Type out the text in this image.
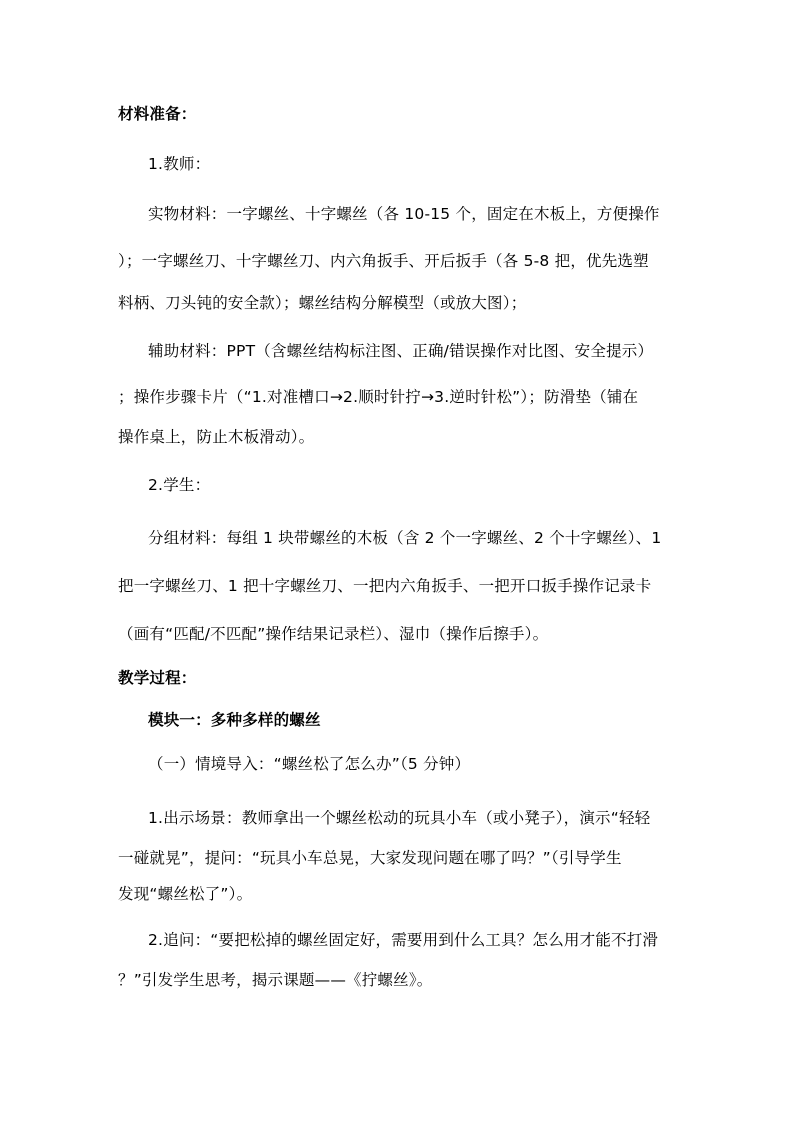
材料准备：
1.教师：
实物材料：一字螺丝、十字螺丝（各 10-15 个，固定在木板上，方便操作
）；一字螺丝刀、十字螺丝刀、内六角扳手、开后扳手（各 5-8 把，优先选塑
料柄、刀头钝的安全款）；螺丝结构分解模型（或放大图）；
辅助材料：PPT（含螺丝结构标注图、正确/错误操作对比图、安全提示）
；操作步骤卡片（“1.对准槽口→2.顺时针拧→3.逆时针松”）；防滑垫（铺在
操作桌上，防止木板滑动）。
2.学生：
分组材料：每组 1 块带螺丝的木板（含 2 个一字螺丝、2 个十字螺丝）、1
把一字螺丝刀、1 把十字螺丝刀、一把内六角扳手、一把开口扳手操作记录卡
（画有“匹配/不匹配”操作结果记录栏）、湿巾（操作后擦手）。
教学过程：
模块一：多种多样的螺丝
（一）情境导入：“螺丝松了怎么办”（5 分钟）
1.出示场景：教师拿出一个螺丝松动的玩具小车（或小凳子），演示“轻轻
一碰就晃”，提问：“玩具小车总晃，大家发现问题在哪了吗？”（引导学生
发现“螺丝松了”）。
2.追问：“要把松掉的螺丝固定好，需要用到什么工具？怎么用才能不打滑
？”引发学生思考，揭示课题——《拧螺丝》。
